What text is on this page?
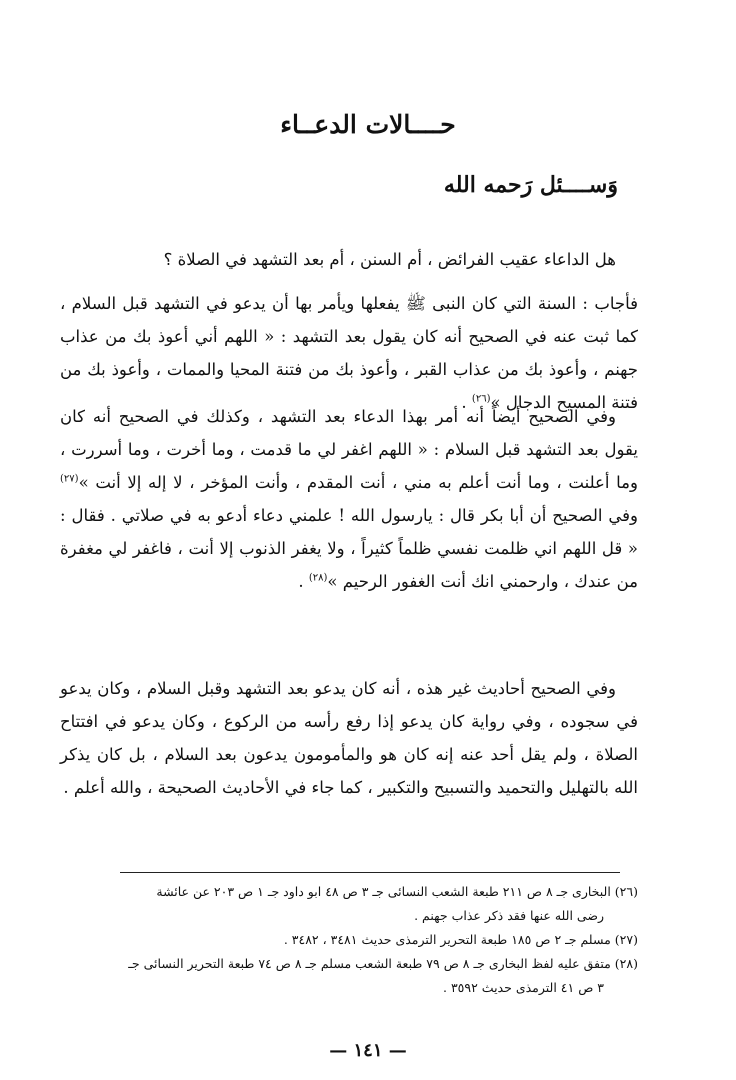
حــــالات الدعــاء
وَســــئل رَحمه الله
هل الداعاء عقيب الفرائض ، أم السنن ، أم بعد التشهد في الصلاة ؟
فأجاب : السنة التي كان النبى ﷺ يفعلها ويأمر بها أن يدعو في التشهد قبل السلام ، كما ثبت عنه في الصحيح أنه كان يقول بعد التشهد : « اللهم أني أعوذ بك من عذاب جهنم ، وأعوذ بك من عذاب القبر ، وأعوذ بك من فتنة المحيا والممات ، وأعوذ بك من فتنة المسيح الدجال »$^{(٢٦)}$ .
وفي الصحيح أيضاً أنه أمر بهذا الدعاء بعد التشهد ، وكذلك في الصحيح أنه كان يقول بعد التشهد قبل السلام : « اللهم اغفر لي ما قدمت ، وما أخرت ، وما أسررت ، وما أعلنت ، وما أنت أعلم به مني ، أنت المقدم ، وأنت المؤخر ، لا إله إلا أنت »$^{(٢٧)}$ وفي الصحيح أن أبا بكر قال : يارسول الله ! علمني دعاء أدعو به في صلاتي . فقال : « قل اللهم اني ظلمت نفسي ظلماً كثيراً ، ولا يغفر الذنوب إلا أنت ، فاغفر لي مغفرة من عندك ، وارحمني انك أنت الغفور الرحيم »$^{(٢٨)}$ .
وفي الصحيح أحاديث غير هذه ، أنه كان يدعو بعد التشهد وقبل السلام ، وكان يدعو في سجوده ، وفي رواية كان يدعو إذا رفع رأسه من الركوع ، وكان يدعو في افتتاح الصلاة ، ولم يقل أحد عنه إنه كان هو والمأمومون يدعون بعد السلام ، بل كان يذكر الله بالتهليل والتحميد والتسبيح والتكبير ، كما جاء في الأحاديث الصحيحة ، والله أعلم .

(٢٦) البخارى جـ ٨ ص ٢١١ طبعة الشعب النسائى جـ ٣ ص ٤٨ ابو داود جـ ١ ص ٢٠٣ عن عائشة
رضى الله عنها فقد ذكر عذاب جهنم .

(٢٧) مسلم جـ ٢ ص ١٨٥ طبعة التحرير الترمذى حديث ٣٤٨١ ، ٣٤٨٢ .

(٢٨) متفق عليه لفظ البخارى جـ ٨ ص ٧٩ طبعة الشعب مسلم جـ ٨ ص ٧٤ طبعة التحرير النسائى جـ
٣ ص ٤١ الترمذى حديث ٣٥٩٢ .

— ١٤١ —
